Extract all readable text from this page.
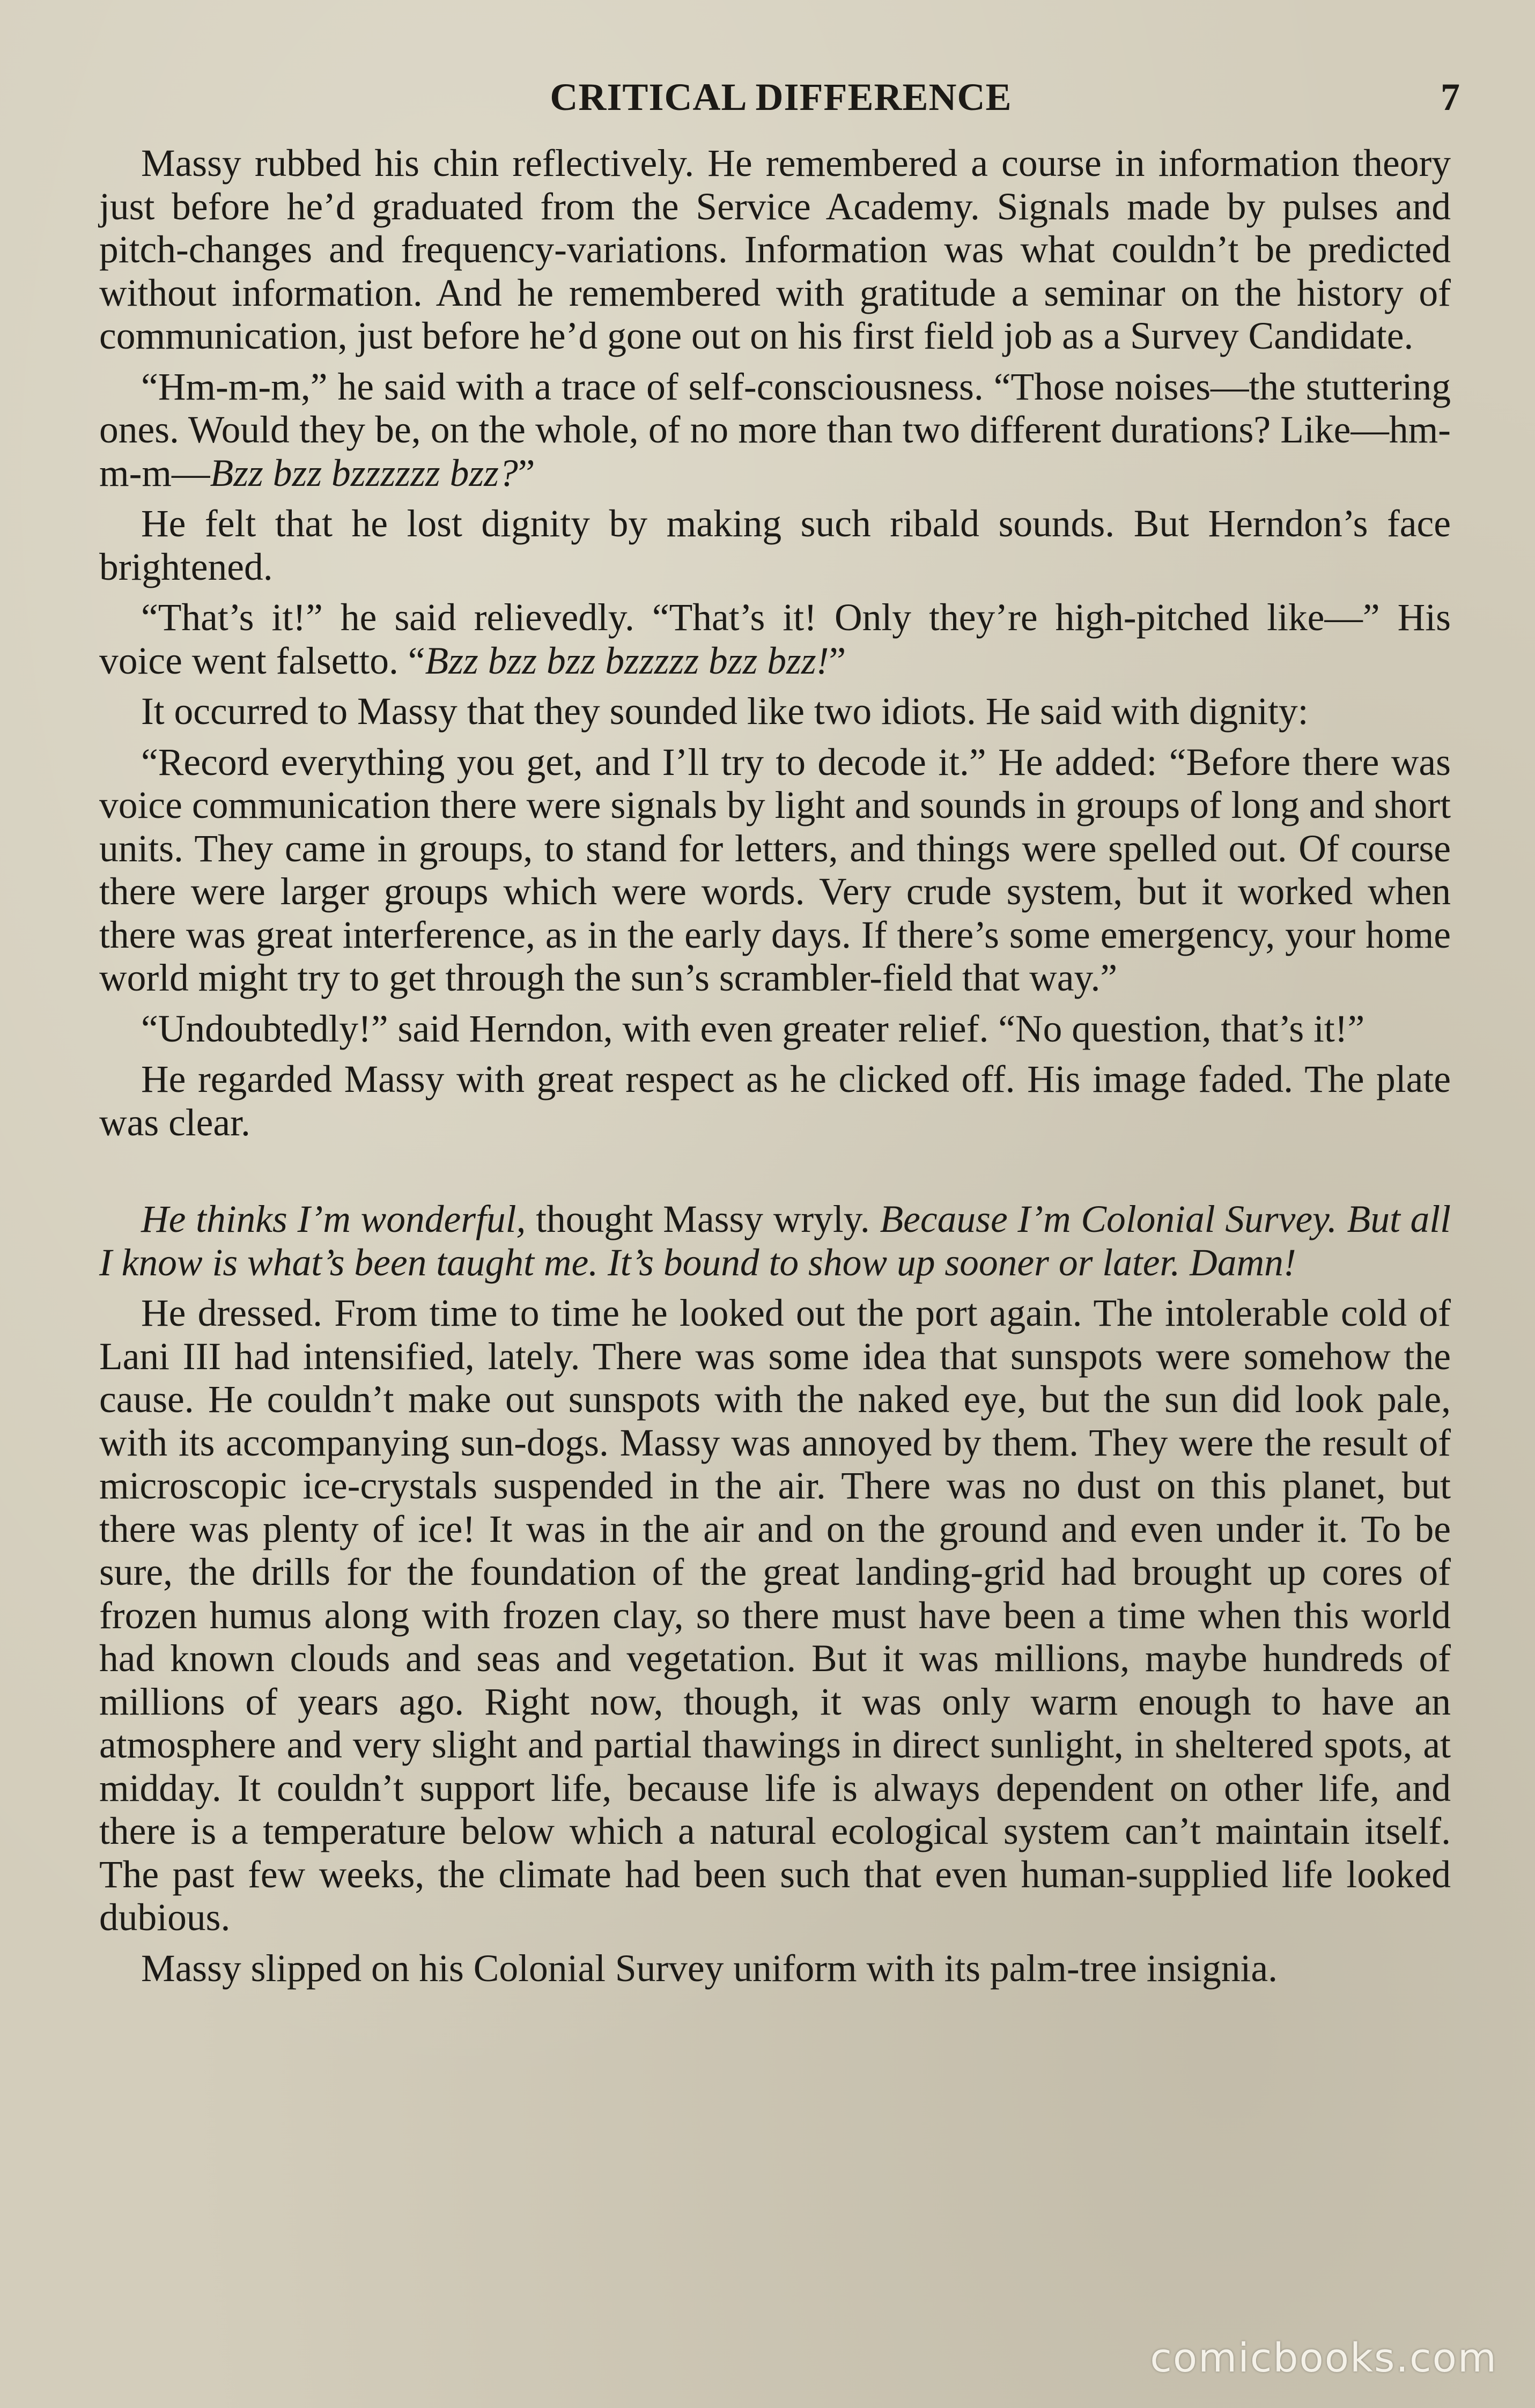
CRITICAL DIFFERENCE	7

Massy rubbed his chin reflectively. He remembered a course in information theory just before he’d graduated from the Service Academy. Signals made by pulses and pitch-changes and frequency-variations. Information was what couldn’t be predicted without information. And he remembered with gratitude a seminar on the history of communication, just before he’d gone out on his first field job as a Survey Candidate.

“Hm-m-m,” he said with a trace of self-consciousness. “Those noises—the stuttering ones. Would they be, on the whole, of no more than two different durations? Like—hm-m-m—Bzz bzz bzzzzzz bzz?”

He felt that he lost dignity by making such ribald sounds. But Herndon’s face brightened.

“That’s it!” he said relievedly. “That’s it! Only they’re high-pitched like—” His voice went falsetto. “Bzz bzz bzz bzzzzz bzz bzz!”

It occurred to Massy that they sounded like two idiots. He said with dignity:

“Record everything you get, and I’ll try to decode it.” He added: “Before there was voice communication there were signals by light and sounds in groups of long and short units. They came in groups, to stand for letters, and things were spelled out. Of course there were larger groups which were words. Very crude system, but it worked when there was great interference, as in the early days. If there’s some emergency, your home world might try to get through the sun’s scrambler-field that way.”

“Undoubtedly!” said Herndon, with even greater relief. “No question, that’s it!”

He regarded Massy with great respect as he clicked off. His image faded. The plate was clear.

He thinks I’m wonderful, thought Massy wryly. Because I’m Colonial Survey. But all I know is what’s been taught me. It’s bound to show up sooner or later. Damn!

He dressed. From time to time he looked out the port again. The intolerable cold of Lani III had intensified, lately. There was some idea that sunspots were somehow the cause. He couldn’t make out sunspots with the naked eye, but the sun did look pale, with its accompanying sun-dogs. Massy was annoyed by them. They were the result of microscopic ice-crystals suspended in the air. There was no dust on this planet, but there was plenty of ice! It was in the air and on the ground and even under it. To be sure, the drills for the foundation of the great landing-grid had brought up cores of frozen humus along with frozen clay, so there must have been a time when this world had known clouds and seas and vegetation. But it was millions, maybe hundreds of millions of years ago. Right now, though, it was only warm enough to have an atmosphere and very slight and partial thawings in direct sunlight, in sheltered spots, at midday. It couldn’t support life, because life is always dependent on other life, and there is a temperature below which a natural ecological system can’t maintain itself. The past few weeks, the climate had been such that even human-supplied life looked dubious.

Massy slipped on his Colonial Survey uniform with its palm-tree insignia.

comicbooks.com
